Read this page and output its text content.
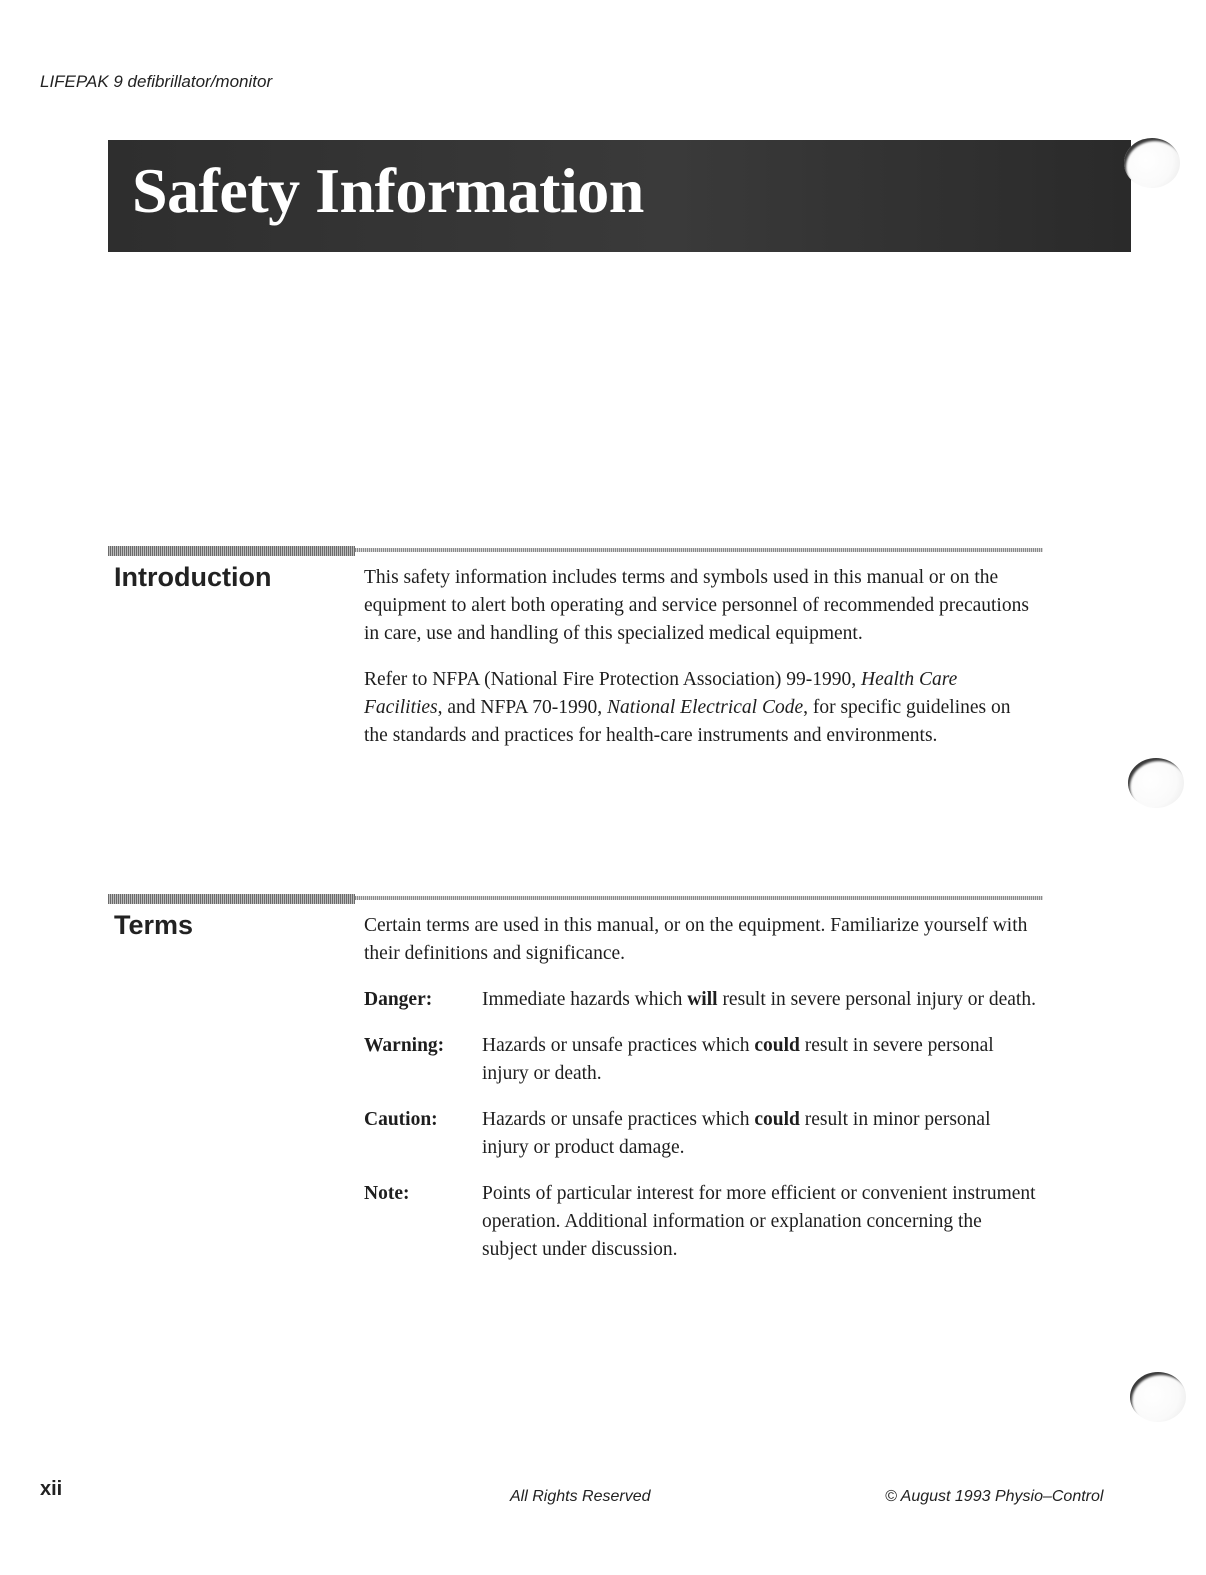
LIFEPAK 9 defibrillator/monitor
Safety Information
Introduction	This safety information includes terms and symbols used in this manual or on the equipment to alert both operating and service personnel of recommended precautions in care, use and handling of this specialized medical equipment.

Refer to NFPA (National Fire Protection Association) 99-1990, Health Care Facilities, and NFPA 70-1990, National Electrical Code, for specific guidelines on the standards and practices for health-care instruments and environments.

Terms	Certain terms are used in this manual, or on the equipment. Familiarize yourself with their definitions and significance.

Danger:	Immediate hazards which will result in severe personal injury or death.
Warning:	Hazards or unsafe practices which could result in severe personal injury or death.
Caution:	Hazards or unsafe practices which could result in minor personal injury or product damage.
Note:	Points of particular interest for more efficient or convenient instrument operation. Additional information or explanation concerning the subject under discussion.
xii	All Rights Reserved	© August 1993 Physio–Control
